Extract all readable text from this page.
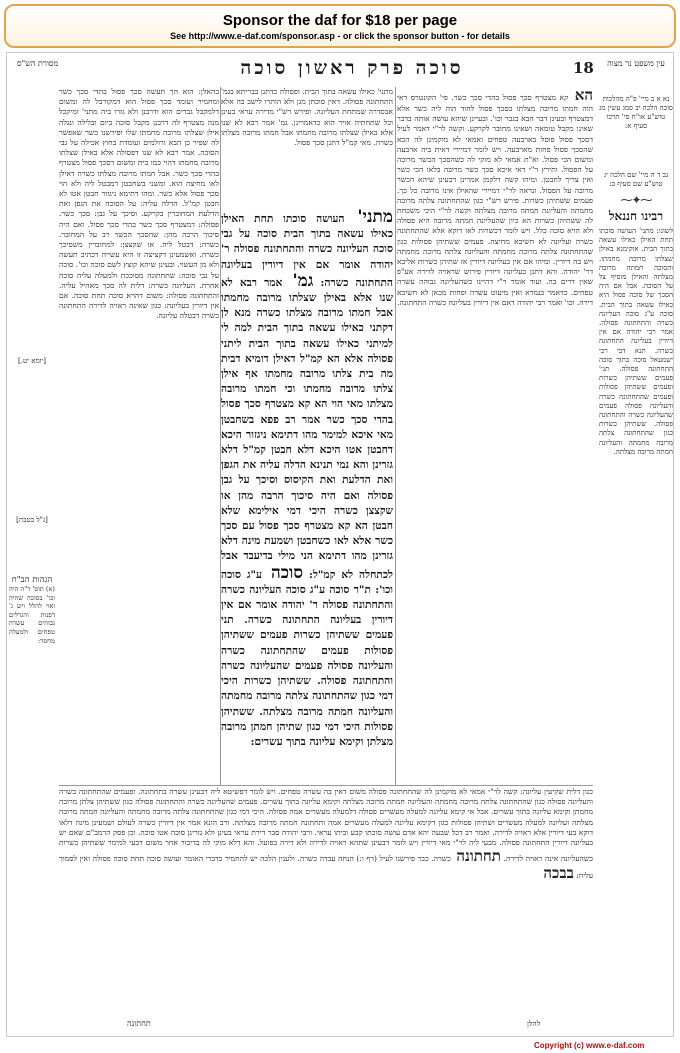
Sponsor the daf for $18 per page
See http://www.e-daf.com/sponsor.asp - or click the sponsor button - for details
מסורת הש"ס	סוכה פרק ראשון סוכה	18	עין משפט נר מצוה
[יומא יט.]
[ג"ל בטבת]
הגהות הב"ח
(א) תוס' ד"ה היה וכו' בסוכה שהיה ואוי להלל ויש ג' דפנות והגדלים גבוהים עשרה טפחים ולמעלה מחסר:
בהאלן: הוא הך תעשה סכך פסול בהדי סכך כשר ומחמיר ועומד סכך פסול הוא דמקורבל לה ומשום דלמקבל גברים הוא ודרבנן ולא גזרו ביה מתני' ומיקבל מנה מצטרף לה דרבנן מקבל סוכה ביום ובלילה ונגלה אילן שצלתו מרובה מחמתו שלו ופירשנו כשר שאפשר לה שפיר כן הבא ורולמים ועומדת בחוץ אכילה על גבי הסוכה. אמר רבא לא שנו דפסולה אלא באילן שצלתו מרובה מחמתו דהוי כמו בית ומשום דסכך פסול מצטרף בהדי סכך כשר. אבל חמתו מרובה מצלתו כשרה דאילן לאו מחיצה הוא. ומשני בשחבטן דמבטל ליה ולא הוי סכך פסול אלא כשר. ומהו דתימא ניגזור חבטן אטו לא חבטן קמ"ל. הדלה עליה: על הסוכה את הגפן ואת הדלעת המחוברין בקרקע. וסיכך על גבן: סכך כשר. פסולה: דמצטרף סכך כשר בהדי סכך פסול. ואם היה סיכוך הרבה מהן: שהסכך הכשר רב על המחובר. כשרה: דבטל ליה. או שקצצן: למחוברין משסיכך כשרה. ואשמעינן דקציצה זו היא עשייה דכתיב תעשה ולא מן העשוי. ובעינן שיהא קוצץ לשם סוכה וכו'. סוכה על גבי סוכה: שתחתונה מסוככת ולמעלה עליה סוכה אחרת. העליונה כשרה: דלית לה סכך מאהיל עליה. והתחתונה פסולה: משום דהויא סוכה תחת סוכה. אם אין דיורין בעליונה: כגון שאינה ראויה לדירה התחתונה כשרה דבטלה עליונה.
מתני' כאילו עשאה בתוך הבית. ופסולה כדתנן בבריתא בגמ' התחתונה פסולה. דאין סוכתן מגן ולא הותרו לישב בה אלא אכסדרה שמתחת העליונה. ופירש רש"י מדירה עראי בעינן וכל שתחתיה אויר הוא כדאמרינן. גמ' אמר רבא לא שנו אלא באילן שצלתו מרובה מחמתו אבל חמתו מרובה מצלתו כשרה. מאי קמ"ל דתנן סכך פסול.
מתני' העושה סוכתו תחת האילן כאילו עשאה בתוך הבית סוכה על גבי סוכה העליונה כשרה והתחתונה פסולה ר' יהודה אומר אם אין דיורין בעליונה התחתונה כשרה: גמ' אמר רבא לא שנו אלא באילן שצלתו מרובה מחמתו אבל חמתו מרובה מצלתו כשרה מנא לן דקתני כאילו עשאה בתוך הבית למה לי למיתני כאילו עשאה בתוך הבית ליתני פסולה אלא הא קמ"ל דאילן דומיא דבית מה בית צלתו מרובה מחמתו אף אילן צלתו מרובה מחמתו וכי חמתו מרובה מצלתו מאי הוי הא קא מצטרף סכך פסול בהדי סכך כשר אמר רב פפא בשחבטן מאי איכא למימר מהו דתימא ניגזור היכא דחבטן אטו היכא דלא חבטן קמ"ל דלא גזרינן והא נמי תנינא הדלה עליה את הגפן ואת הדלעת ואת הקיסוס וסיכך על גבן פסולה ואם היה סיכוך הרבה מהן או שקצצן כשרה היכי דמי אילימא שלא חבטן הא קא מצטרף סכך פסול עם סכך כשר אלא לאו כשחבטן ושמעת מינה דלא גזרינן מהו דתימא הני מילי בדיעבד אבל לכתחלה לא קמ"ל: סוכה ע"ג סוכה וכו': ת"ר סוכה ע"ג סוכה העליונה כשרה והתחתונה פסולה ר' יהודה אומר אם אין דיורין בעליונה התחתונה כשרה. תני פעמים ששתיהן כשרות פעמים ששתיהן פסולות פעמים שהתחתונה כשרה והעליונה פסולה פעמים שהעליונה כשרה והתחתונה פסולה. ששתיהן כשרות היכי דמי כגון שהתחתונה צלתה מרובה מחמתה והעליונה חמתה מרובה מצלתה. ששתיהן פסולות היכי דמי כגון שתיהן חמתן מרובה מצלתן וקימא עליונה בתוך עשרים:
הא קא מצטרף סכך פסול בהדי סכך כשר. פי' הקונטרס דאי הוה חמתו מרובה מצלתו בסכך פסול לחוד הוה ליה כשר אלא דמצטרף ובעינן דבר הבא בגבר וכו'. ובעיינן שיהא עושה אותה בדבר שאינו מקבל טומאה ושאינו מחובר לקרקע. וקשה לר"י דאמר לעיל דסכך פסול פוסל בארבעה טפחים ואמאי לא מוקמינן לה הכא שהסכך פסול פחות מארבעה. ויש לומר דמיירי דאית ביה ארבעה ומשום הכי פסול. וא"ת אמאי לא מוקי לה כשהסכך הכשר מרובה על הפסול. ותירץ ר"י דאי איכא סכך כשר מרובה בלאו הכי כשר ואין צריך לחבטן. ומיהו קשה דלקמן אמרינן דבעינן שיהא הכשר מרובה על הפסול. ונראה לר"י דמיירי שהאילן אינו מרובה כל כך. פעמים ששתיהן כשרות. פירש רש"י כגון שהתחתונה צלתה מרובה מחמתה והעליונה חמתה מרובה מצלתה וקשה לר"י היכי משכחת לה ששתיהן כשרות הא כיון שהעליונה חמתה מרובה היא פסולה ולא הויא סוכה כלל. ויש לומר דכשרות לאו דוקא אלא שהתחתונה כשרה ועליונה לא חשיבא מחיצה. פעמים ששתיהן פסולות כגון שהתחתונה צלתה מרובה מחמתה והעליונה צלתה מרובה מחמתה ויש בה דיורין. ומיהו אם אין בעליונה דיורין אז שתיהן כשרות אליבא דר' יהודה. והא דתנן בעליונה דיורין פירוש שראויה לדירה אע"פ שאין דרים בה. ועוד אומר ר"י דהיינו כשהעליונה גבוהה עשרה טפחים. כדאמר בגמרא ואין מיעוט עשרה ופחות מכאן לא חשיבא דירה. וכו' ואמר רבי יהודה דאם אין דיורין בעליונה כשרה התחתונה.
כגון דלית שקיעין עליונה: קשה לר"י אמאי לא מוקמינן לה שהתחתונה פסולה משום דאין בה עשרה טפחים. ויש לומר דפשיטא ליה דבעינן עשרה בתחתונה. ופעמים שהתחתונה כשרה והעליונה פסולה כגון שהתחתונה צלתה מרובה מחמתה והעליונה חמתה מרובה מצלתה וקימא עליונה בתוך עשרים. פעמים שהעליונה כשרה והתחתונה פסולה כגון ששתיהן צלתן מרובה מחמתן וקימא עליונה בתוך עשרים. אבל אי קימא עליונה למעלה מעשרים פסולה דלמעלה מעשרים אמה פסולה. היכי דמי כגון שהתחתונה צלתה מרובה מחמתה והעליונה חמתה מרובה מצלתה ועליונה למעלה מעשרים ושתיהן פסולות כגון דקימא עליונה למעלה מעשרים אמה ותחתונה חמתה מרובה מצלתה. ורב הונא אמר אין דיורין כשרה לעולם ושמעינן מינה דלאו דוקא בעי דיורין אלא ראויה לדירה. ואמר רב דכל שבעה יהא אדם עושה סוכתו קבע וביתו עראי. ורבי יהודה סבר דירת עראי בעינן ולא גזרינן סוכה אטו סוכה. וכן פסק הרמב"ם שאם יש בעליונה דיורין התחתונה פסולה. מבעי ליה לר"י מאי דיורין ויש לומר דבעינן שתהא ראויה לדירה ולא דירה בפועל. והא דלא מוקי לה בדיבור אחר משום דבעי למימר ששתיהן כשרות כשהעליונה אינה ראויה לדירה. תחתונה כשרה. כבר פירשנו לעיל (דף ו:) הנחה עבדה כשרה. ולענין הלכה יש להחמיר כדברי האומר ועושה סוכה תחת סוכה פסולה ואין לסמוך עליה: בבכה
להלן
תחתונה
נא א ב מיי' פ"ה מהלכות סוכה הלכה יב סמג עשין מג טוש"ע או"ח סי' תרכו סעיף א:
נב ד ה מיי' שם הלכה יג טוש"ע שם סעיף ב:
⁓✦⁓
רבינו חננאל
לשונו: מתני' העושה סוכתו תחת האילן כאילו עשאה בתוך הבית. אוקימנא באילן שצלתו מרובה מחמתו. והסוכה חמתה מרובה מצלתה והאילן מוסיף צל על הסוכה. אבל אם היה הסכך של סוכה פסול היא כאילו עשאה בתוך הבית. סוכה ע"ג סוכה העליונה כשרה והתחתונה פסולה. אמר רבי יהודה אם אין דיורין בעליונה התחתונה כשרה. תנא דבי רבי ישמעאל סוכה בתוך סוכה התחתונה פסולה. תני' פעמים ששתיהן כשרות ופעמים ששתיהן פסולות ופעמים שהתחתונה כשרה והעליונה פסולה פעמים שהעליונה כשרה והתחתונה פסולה. ששתיהן כשרות כגון שהתחתונה צלתה מרובה מחמתה והעליונה חמתה מרובה מצלתה.
Copyright (c) www.e-daf.com
